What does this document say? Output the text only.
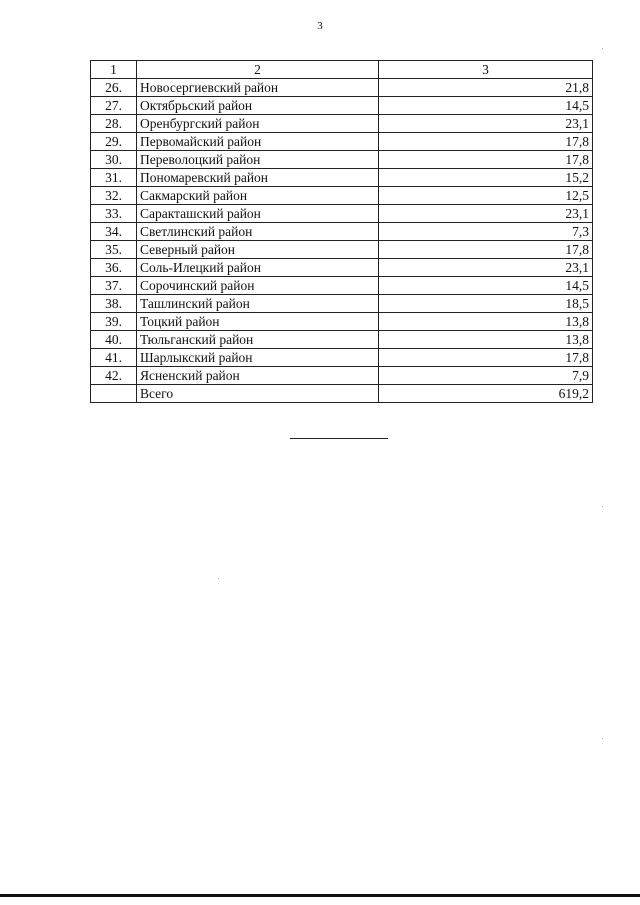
3
1	2	3
26.	Новосергиевский район	21,8
27.	Октябрьский район	14,5
28.	Оренбургский район	23,1
29.	Первомайский район	17,8
30.	Переволоцкий район	17,8
31.	Пономаревский район	15,2
32.	Сакмарский район	12,5
33.	Саракташский район	23,1
34.	Светлинский район	7,3
35.	Северный район	17,8
36.	Соль-Илецкий район	23,1
37.	Сорочинский район	14,5
38.	Ташлинский район	18,5
39.	Тоцкий район	13,8
40.	Тюльганский район	13,8
41.	Шарлыкский район	17,8
42.	Ясненский район	7,9
	Всего	619,2
